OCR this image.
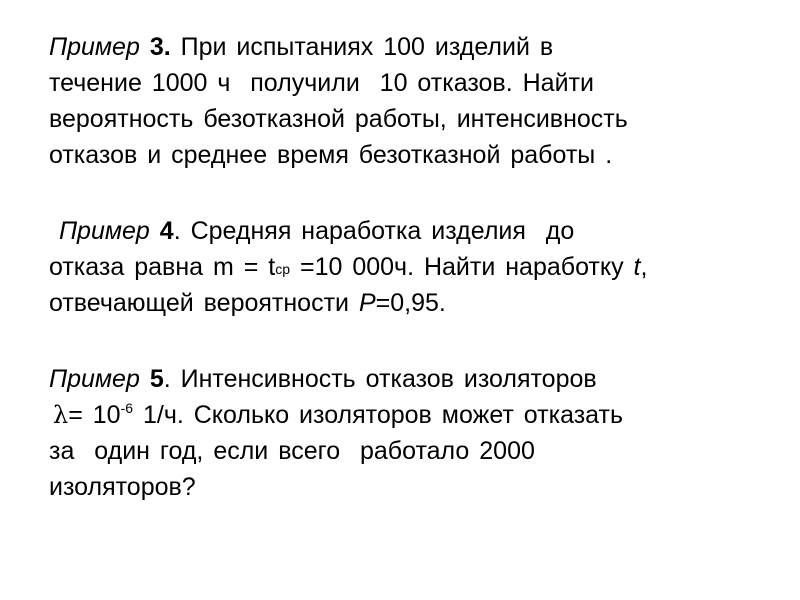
Пример 3. При испытаниях 100 изделий в
течение 1000 ч  получили  10 отказов. Найти
вероятность безотказной работы, интенсивность
отказов и среднее время безотказной работы .
Пример 4. Средняя наработка изделия  до
отказа равна $m = t_{ср} =10$ 000ч. Найти наработку t,
отвечающей вероятности P=0,95.
Пример 5. Интенсивность отказов изоляторов
$\lambda= 10^{-6}$ 1/ч. Сколько изоляторов может отказать
за  один год, если всего  работало 2000
изоляторов?
